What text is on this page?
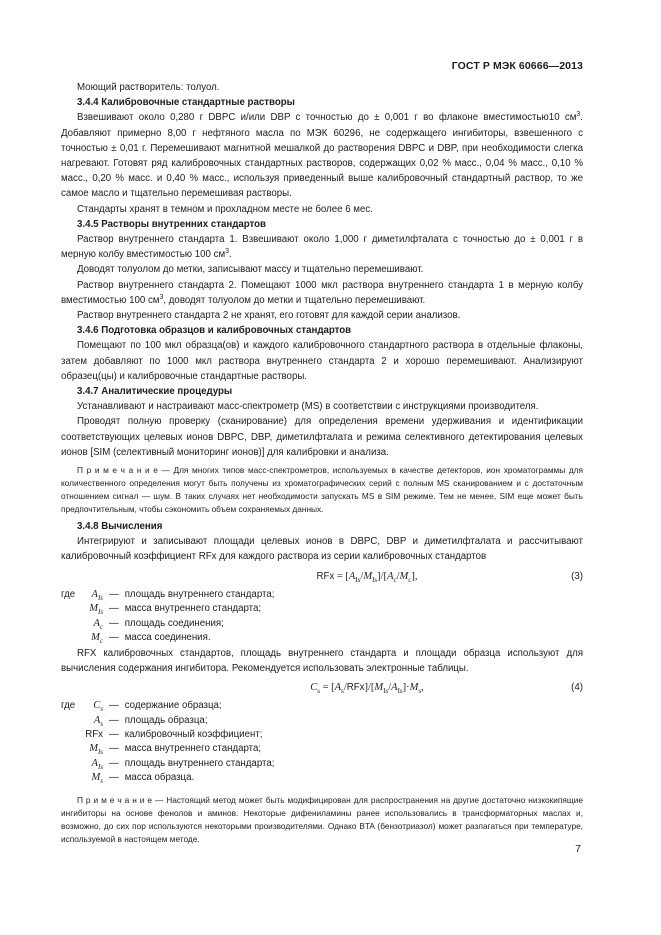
ГОСТ Р МЭК 60666—2013

Моющий растворитель: толуол.

3.4.4 Калибровочные стандартные растворы

Взвешивают около 0,280 г DBPC и/или DBP с точностью до ± 0,001 г во флаконе вместимостью10 $см^3$. Добавляют примерно 8,00 г нефтяного масла по МЭК 60296, не содержащего ингибиторы, взвешенного с точностью ± 0,01 г. Перемешивают магнитной мешалкой до растворения DBPC и DBP, при необходимости слегка нагревают. Готовят ряд калибровочных стандартных растворов, содержащих 0,02 % масс., 0,04 % масс., 0,10 % масс., 0,20 % масс. и 0,40 % масс., используя приведенный выше калибровочный стандартный раствор, то же самое масло и тщательно перемешивая растворы.

Стандарты хранят в темном и прохладном месте не более 6 мес.

3.4.5 Растворы внутренних стандартов

Раствор внутреннего стандарта 1. Взвешивают около 1,000 г диметилфталата с точностью до ± 0,001 г в мерную колбу вместимостью 100 $см^3$.

Доводят толуолом до метки, записывают массу и тщательно перемешивают.

Раствор внутреннего стандарта 2. Помещают 1000 мкл раствора внутреннего стандарта 1 в мерную колбу вместимостью 100 $см^3$, доводят толуолом до метки и тщательно перемешивают.

Раствор внутреннего стандарта 2 не хранят, его готовят для каждой серии анализов.

3.4.6 Подготовка образцов и калибровочных стандартов

Помещают по 100 мкл образца(ов) и каждого калибровочного стандартного раствора в отдельные флаконы, затем добавляют по 1000 мкл раствора внутреннего стандарта 2 и хорошо перемешивают. Анализируют образец(цы) и калибровочные стандартные растворы.

3.4.7 Аналитические процедуры

Устанавливают и настраивают масс-спектрометр (MS) в соответствии с инструкциями производителя.

Проводят полную проверку (сканирование) для определения времени удерживания и идентификации соответствующих целевых ионов DBPC, DBP, диметилфталата и режима селективного детектирования целевых ионов [SIM (селективный мониторинг ионов)] для калибровки и анализа.

П р и м е ч а н и е — Для многих типов масс-спектрометров, используемых в качестве детекторов, ион хроматограммы для количественного определения могут быть получены из хроматографических серий с полным MS сканированием и с достаточным отношением сигнал — шум. В таких случаях нет необходимости запускать MS в SIM режиме. Тем не менее, SIM еще может быть предпочтительным, чтобы сэкономить объем сохраняемых данных.

3.4.8 Вычисления

Интегрируют и записывают площади целевых ионов в DBPC, DBP и диметилфталата и рассчитывают калибровочный коэффициент RFx для каждого раствора из серии калибровочных стандартов

RFx = $[A_{Is}/M_{Is}]/[A_c/M_c]$,	(3)
где	$A_{Is}$	—	площадь внутреннего стандарта;
	$M_{Is}$	—	масса внутреннего стандарта;
	$A_c$	—	площадь соединения;
	$M_c$	—	масса соединения.

RFX калибровочных стандартов, площадь внутреннего стандарта и площади образца используют для вычисления содержания ингибитора. Рекомендуется использовать электронные таблицы.

$C_s = [A_s/RFx]/[M_{Is}/A_{Is}]\cdot M_s$,	(4)
где	$C_s$	—	содержание образца;
	$A_s$	—	площадь образца;
	RFx	—	калибровочный коэффициент;
	$M_{Is}$	—	масса внутреннего стандарта;
	$A_{Is}$	—	площадь внутреннего стандарта;
	$M_s$	—	масса образца.

П р и м е ч а н и е — Настоящий метод может быть модифицирован для распространения на другие достаточно низкокипящие ингибиторы на основе фенолов и аминов. Некоторые дифениламины ранее использовались в трансформаторных маслах и, возможно, до сих пор используются некоторыми производителями. Однако BTA (бензотриазол) может разлагаться при температуре, используемой в настоящем методе.

7
